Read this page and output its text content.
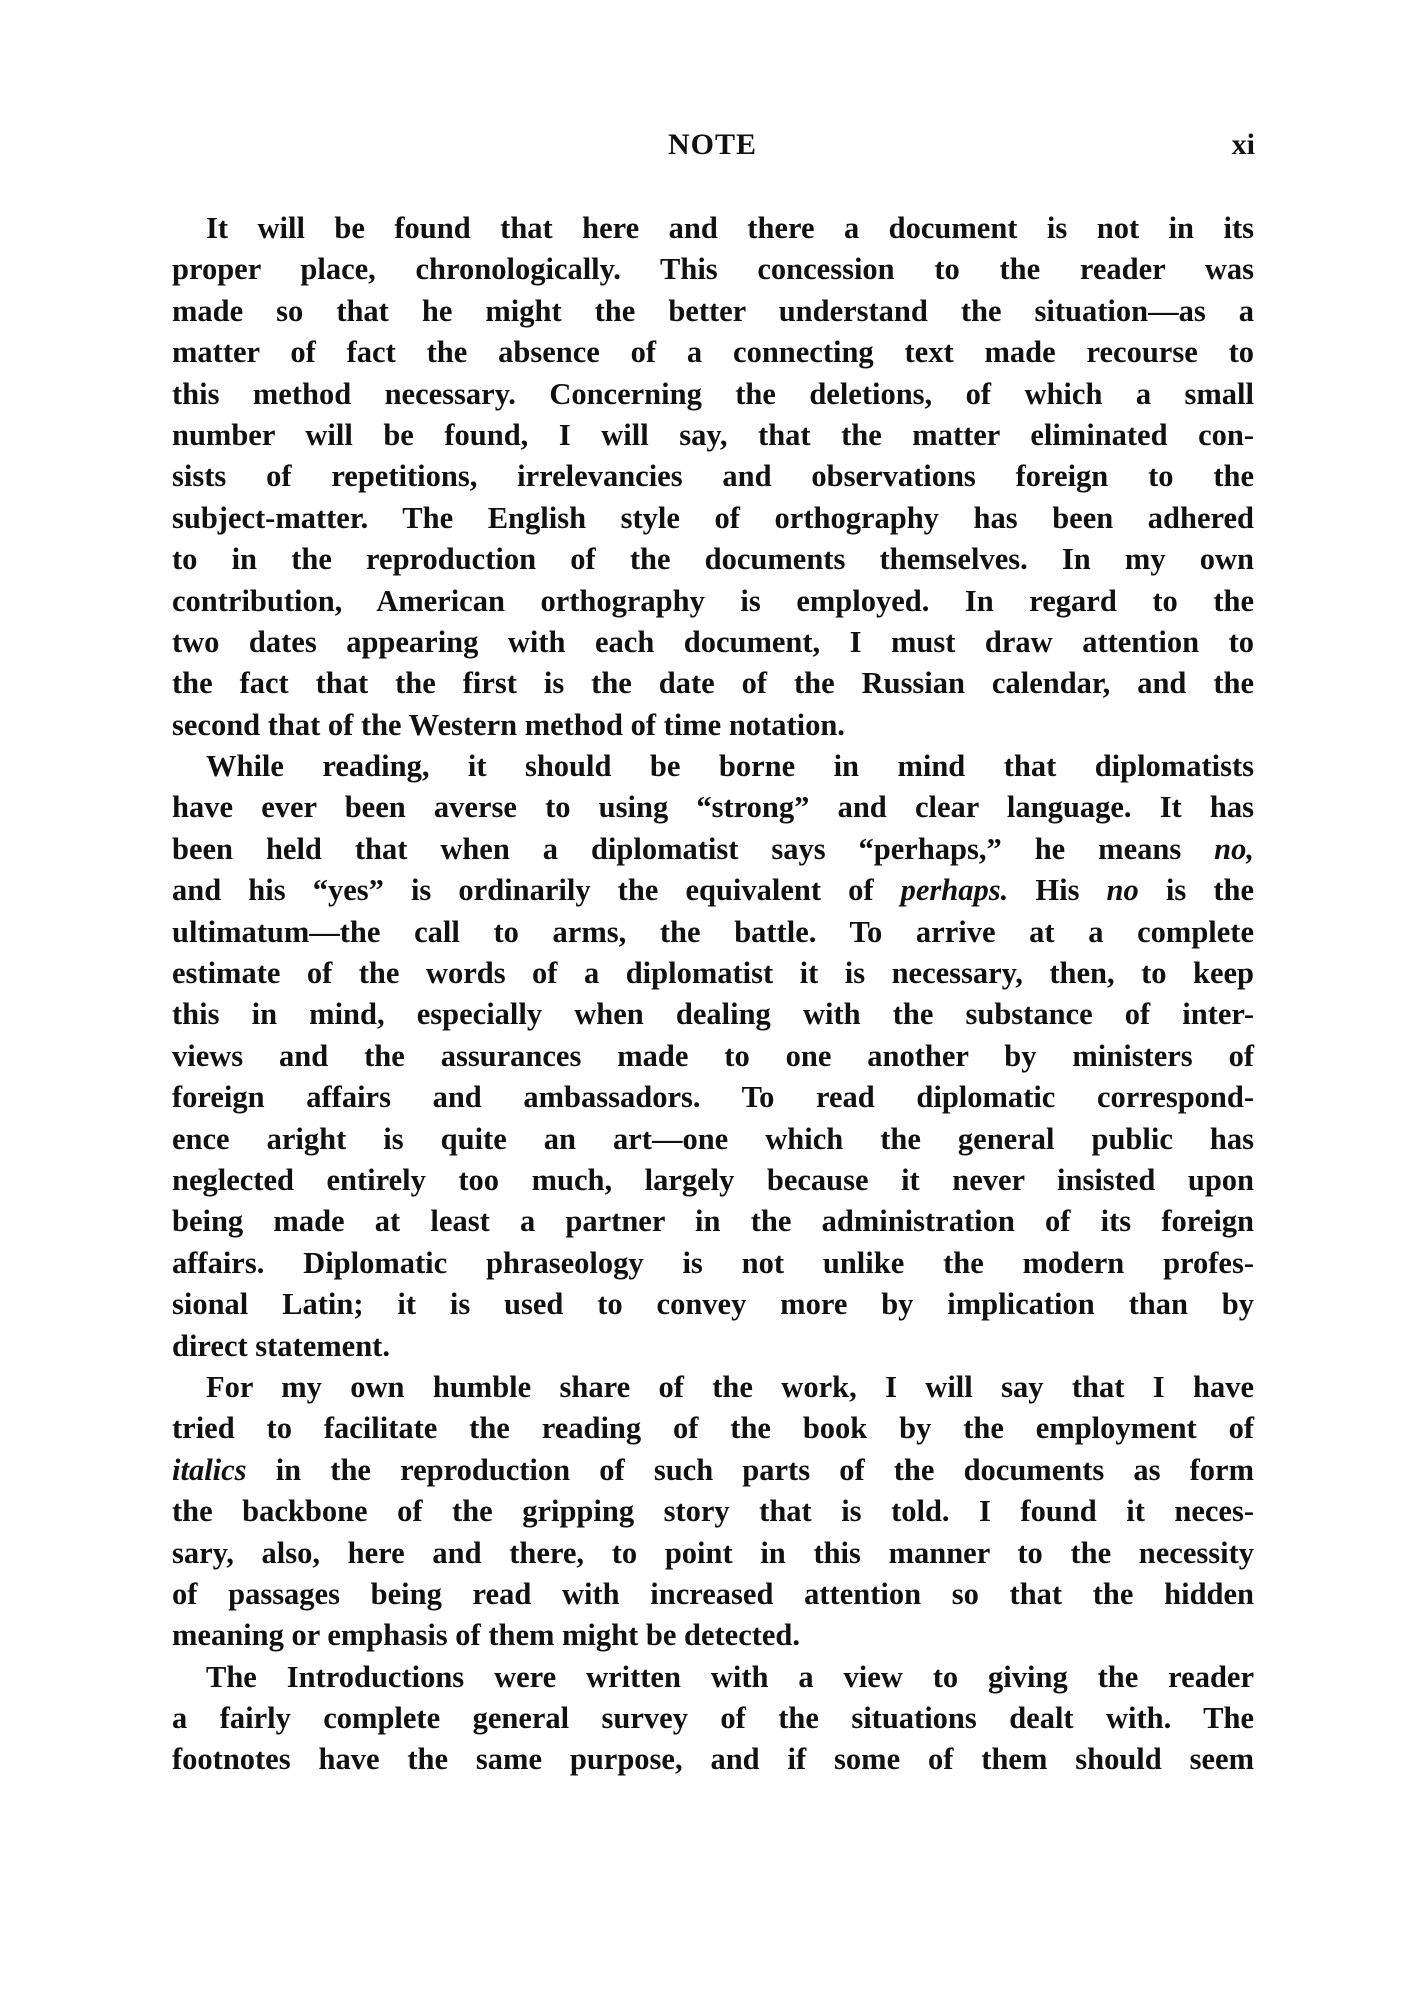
NOTE	xi
It will be found that here and there a document is not in its
proper place, chronologically. This concession to the reader was
made so that he might the better understand the situation—as a
matter of fact the absence of a connecting text made recourse to
this method necessary. Concerning the deletions, of which a small
number will be found, I will say, that the matter eliminated con-
sists of repetitions, irrelevancies and observations foreign to the
subject-matter. The English style of orthography has been adhered
to in the reproduction of the documents themselves. In my own
contribution, American orthography is employed. In regard to the
two dates appearing with each document, I must draw attention to
the fact that the first is the date of the Russian calendar, and the
second that of the Western method of time notation.
While reading, it should be borne in mind that diplomatists
have ever been averse to using “strong” and clear language. It has
been held that when a diplomatist says “perhaps,” he means no,
and his “yes” is ordinarily the equivalent of perhaps. His no is the
ultimatum—the call to arms, the battle. To arrive at a complete
estimate of the words of a diplomatist it is necessary, then, to keep
this in mind, especially when dealing with the substance of inter-
views and the assurances made to one another by ministers of
foreign affairs and ambassadors. To read diplomatic correspond-
ence aright is quite an art—one which the general public has
neglected entirely too much, largely because it never insisted upon
being made at least a partner in the administration of its foreign
affairs. Diplomatic phraseology is not unlike the modern profes-
sional Latin; it is used to convey more by implication than by
direct statement.
For my own humble share of the work, I will say that I have
tried to facilitate the reading of the book by the employment of
italics in the reproduction of such parts of the documents as form
the backbone of the gripping story that is told. I found it neces-
sary, also, here and there, to point in this manner to the necessity
of passages being read with increased attention so that the hidden
meaning or emphasis of them might be detected.
The Introductions were written with a view to giving the reader
a fairly complete general survey of the situations dealt with. The
footnotes have the same purpose, and if some of them should seem
